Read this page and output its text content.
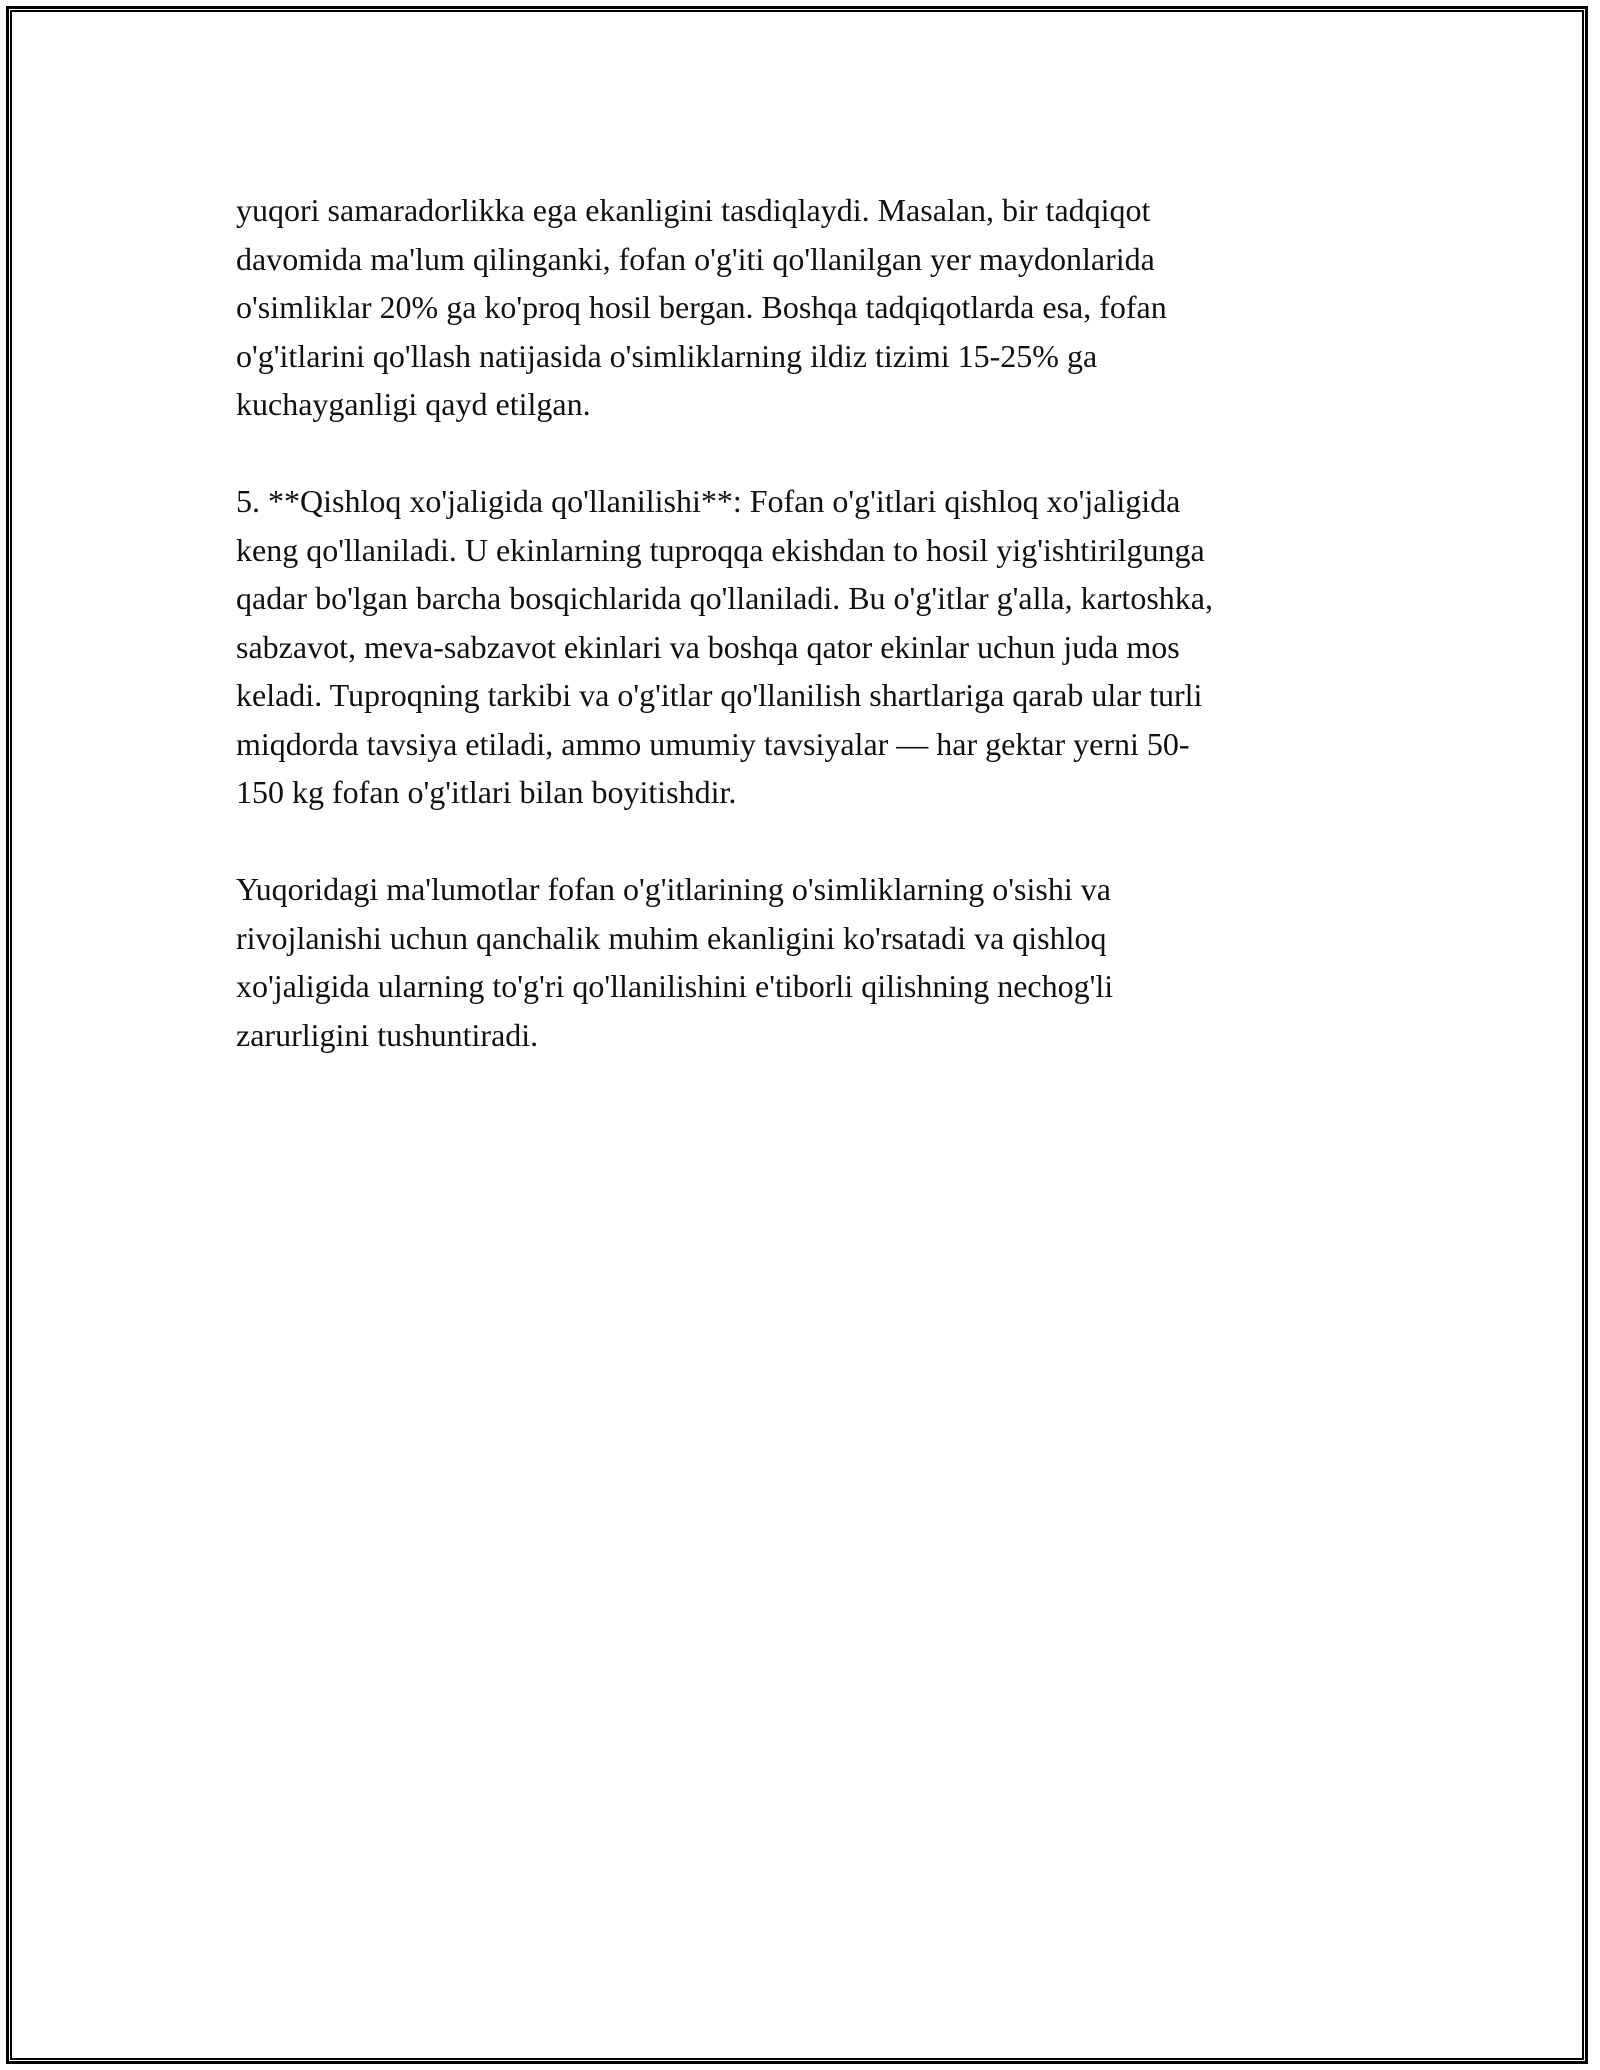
yuqori samaradorlikka ega ekanligini tasdiqlaydi. Masalan, bir tadqiqot
davomida ma'lum qilinganki, fofan o'g'iti qo'llanilgan yer maydonlarida
o'simliklar 20% ga ko'proq hosil bergan. Boshqa tadqiqotlarda esa, fofan
o'g'itlarini qo'llash natijasida o'simliklarning ildiz tizimi 15-25% ga
kuchayganligi qayd etilgan.

5. **Qishloq xo'jaligida qo'llanilishi**: Fofan o'g'itlari qishloq xo'jaligida
keng qo'llaniladi. U ekinlarning tuproqqa ekishdan to hosil yig'ishtirilgunga
qadar bo'lgan barcha bosqichlarida qo'llaniladi. Bu o'g'itlar g'alla, kartoshka,
sabzavot, meva-sabzavot ekinlari va boshqa qator ekinlar uchun juda mos
keladi. Tuproqning tarkibi va o'g'itlar qo'llanilish shartlariga qarab ular turli
miqdorda tavsiya etiladi, ammo umumiy tavsiyalar — har gektar yerni 50-
150 kg fofan o'g'itlari bilan boyitishdir.

Yuqoridagi ma'lumotlar fofan o'g'itlarining o'simliklarning o'sishi va
rivojlanishi uchun qanchalik muhim ekanligini ko'rsatadi va qishloq
xo'jaligida ularning to'g'ri qo'llanilishini e'tiborli qilishning nechog'li
zarurligini tushuntiradi.
